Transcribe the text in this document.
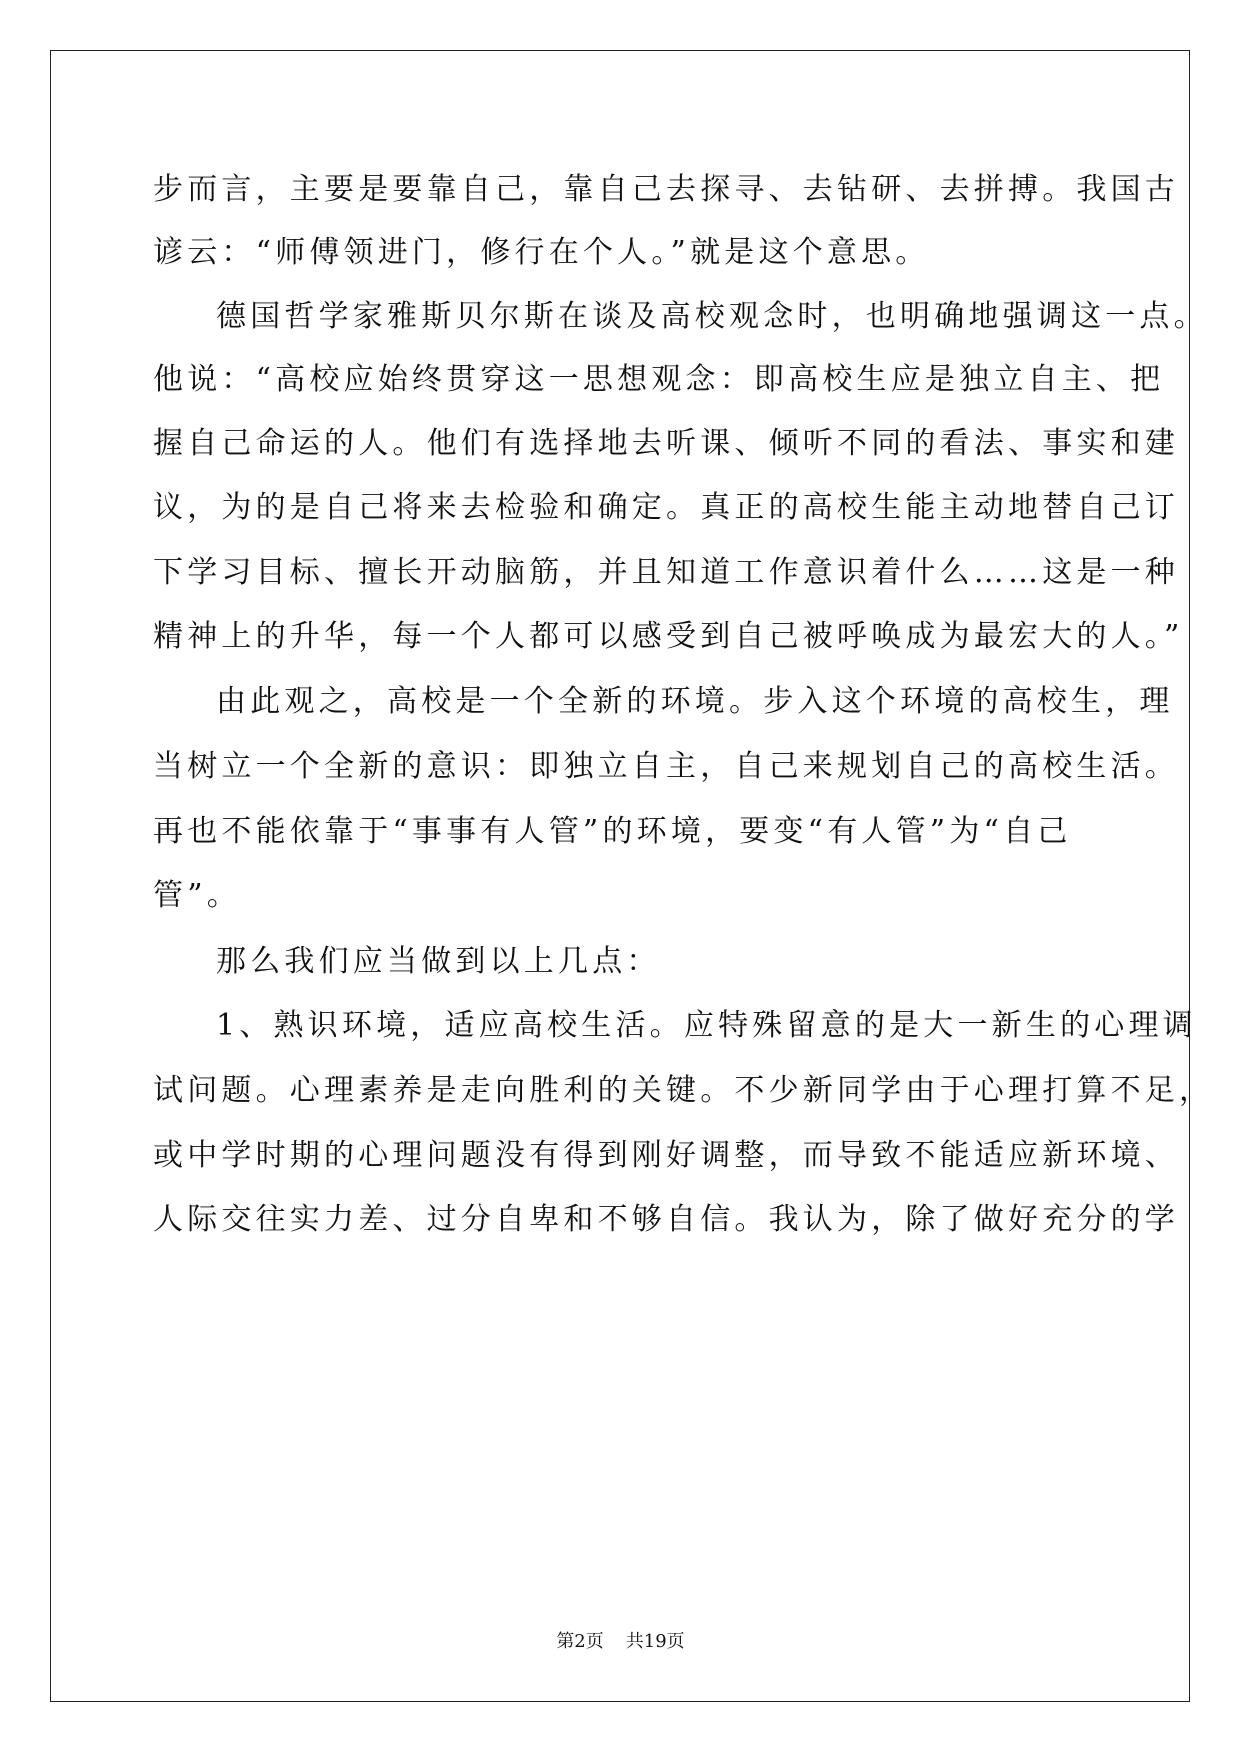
步而言，主要是要靠自己，靠自己去探寻、去钻研、去拼搏。我国古
谚云：“师傅领进门，修行在个人。”就是这个意思。
德国哲学家雅斯贝尔斯在谈及高校观念时，也明确地强调这一点。
他说：“高校应始终贯穿这一思想观念：即高校生应是独立自主、把
握自己命运的人。他们有选择地去听课、倾听不同的看法、事实和建
议，为的是自己将来去检验和确定。真正的高校生能主动地替自己订
下学习目标、擅长开动脑筋，并且知道工作意识着什么……这是一种
精神上的升华，每一个人都可以感受到自己被呼唤成为最宏大的人。”
由此观之，高校是一个全新的环境。步入这个环境的高校生，理
当树立一个全新的意识：即独立自主，自己来规划自己的高校生活。
再也不能依靠于“事事有人管”的环境，要变“有人管”为“自己
管”。
那么我们应当做到以上几点：
1、熟识环境，适应高校生活。应特殊留意的是大一新生的心理调
试问题。心理素养是走向胜利的关键。不少新同学由于心理打算不足，
或中学时期的心理问题没有得到刚好调整，而导致不能适应新环境、
人际交往实力差、过分自卑和不够自信。我认为，除了做好充分的学
第2页 共19页
